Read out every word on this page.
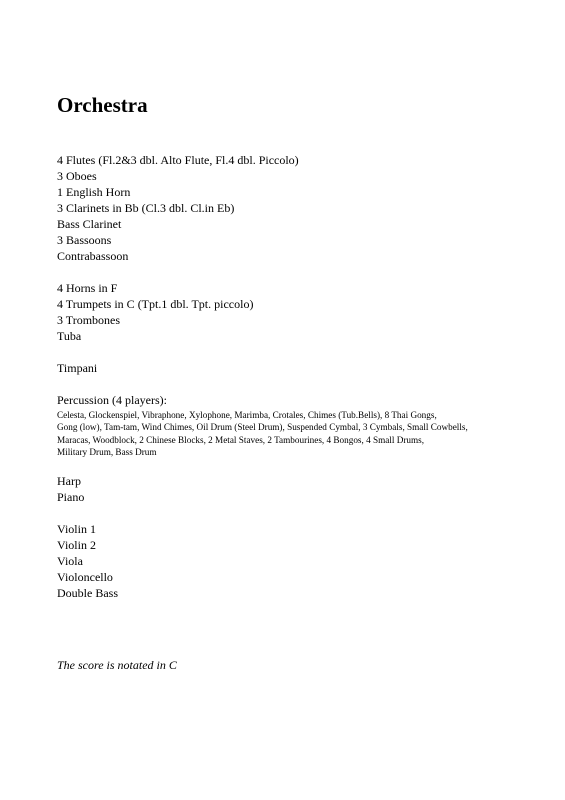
Orchestra
4 Flutes (Fl.2&3 dbl. Alto Flute, Fl.4 dbl. Piccolo)
3 Oboes
1 English Horn
3 Clarinets in Bb (Cl.3 dbl. Cl.in Eb)
Bass Clarinet
3 Bassoons
Contrabassoon
4 Horns in F
4 Trumpets in C (Tpt.1 dbl. Tpt. piccolo)
3 Trombones
Tuba
Timpani
Percussion (4 players):
Celesta, Glockenspiel, Vibraphone, Xylophone, Marimba, Crotales, Chimes (Tub.Bells), 8 Thai Gongs,
Gong (low), Tam-tam, Wind Chimes, Oil Drum (Steel Drum), Suspended Cymbal, 3 Cymbals, Small Cowbells,
Maracas, Woodblock, 2 Chinese Blocks, 2 Metal Staves, 2 Tambourines, 4 Bongos, 4 Small Drums,
Military Drum, Bass Drum
Harp
Piano
Violin 1
Violin 2
Viola
Violoncello
Double Bass

The score is notated in C
